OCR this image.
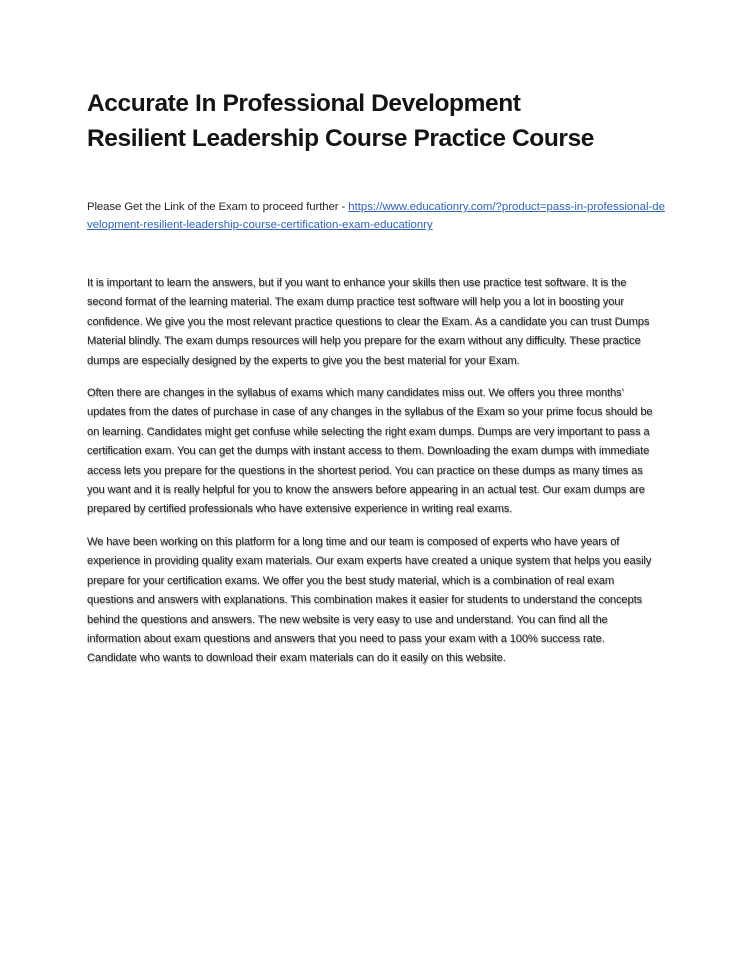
Accurate In Professional Development
Resilient Leadership Course Practice Course
Please Get the Link of the Exam to proceed further - https://www.educationry.com/?product=pass-in-professional-development-resilient-leadership-course-certification-exam-educationry

It is important to learn the answers, but if you want to enhance your skills then use practice test software. It is the second format of the learning material. The exam dump practice test software will help you a lot in boosting your confidence. We give you the most relevant practice questions to clear the Exam. As a candidate you can trust Dumps Material blindly. The exam dumps resources will help you prepare for the exam without any difficulty. These practice dumps are especially designed by the experts to give you the best material for your Exam.

Often there are changes in the syllabus of exams which many candidates miss out. We offers you three months’ updates from the dates of purchase in case of any changes in the syllabus of the Exam so your prime focus should be on learning. Candidates might get confuse while selecting the right exam dumps. Dumps are very important to pass a certification exam. You can get the dumps with instant access to them. Downloading the exam dumps with immediate access lets you prepare for the questions in the shortest period. You can practice on these dumps as many times as you want and it is really helpful for you to know the answers before appearing in an actual test. Our exam dumps are prepared by certified professionals who have extensive experience in writing real exams.

We have been working on this platform for a long time and our team is composed of experts who have years of experience in providing quality exam materials. Our exam experts have created a unique system that helps you easily prepare for your certification exams. We offer you the best study material, which is a combination of real exam questions and answers with explanations. This combination makes it easier for students to understand the concepts behind the questions and answers. The new website is very easy to use and understand. You can find all the information about exam questions and answers that you need to pass your exam with a 100% success rate. Candidate who wants to download their exam materials can do it easily on this website.
